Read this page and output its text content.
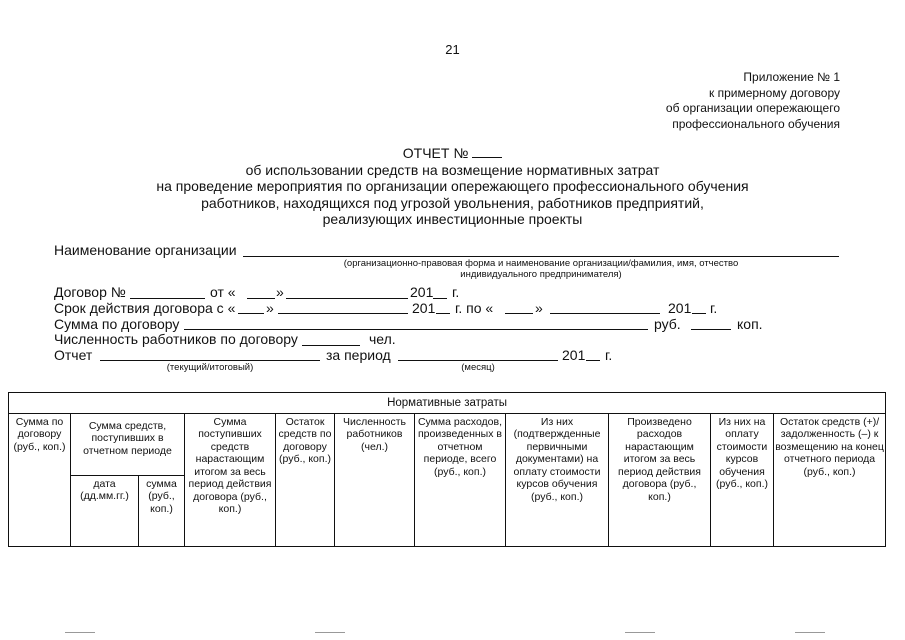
21
Приложение № 1
к примерному договору
об организации опережающего
профессионального обучения
ОТЧЕТ №
об использовании средств на возмещение нормативных затрат
на проведение мероприятия по организации опережающего профессионального обучения
работников, находящихся под угрозой увольнения, работников предприятий,
реализующих инвестиционные проекты
Наименование организации
(организационно-правовая форма и наименование организации/фамилия, имя, отчество
индивидуального предпринимателя)
Договор №	от «	»	201 г.
Срок действия договора с « »	201 г. по «	»	201 г.
Сумма по договору	руб.	коп.
Численность работников по договору	чел.
Отчет	за период	201 г.
(текущий/итоговый)	(месяц)
Нормативные затраты										
Сумма по договору (руб., коп.)	Сумма средств, поступивших в отчетном периоде		Сумма поступивших средств нарастающим итогом за весь период действия договора (руб., коп.)	Остаток средств по договору (руб., коп.)	Численность работников (чел.)	Сумма расходов, произведенных в отчетном периоде, всего (руб., коп.)	Из них (подтвержденные первичными документами) на оплату стоимости курсов обучения (руб., коп.)	Произведено расходов нарастающим итогом за весь период действия договора (руб., коп.)	Из них на оплату стоимости курсов обучения (руб., коп.)	Остаток средств (+)/ задолженность (–) к возмещению на конец отчетного периода (руб., коп.)
	дата (дд.мм.гг.)	сумма (руб., коп.)								
